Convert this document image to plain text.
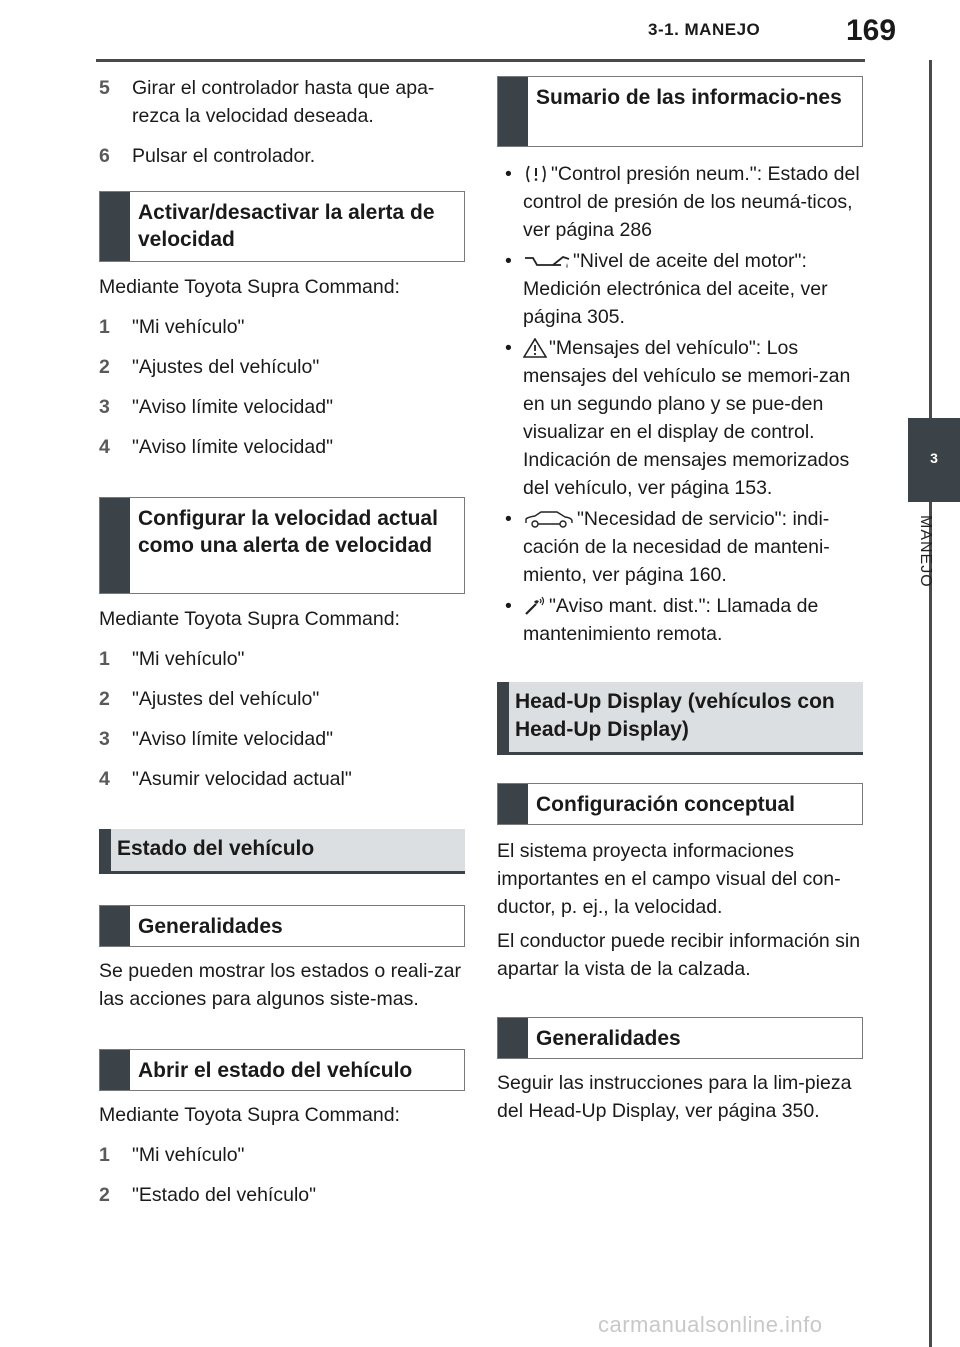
3-1. MANEJO	169
3
MANEJO
5	Girar el controlador hasta que apa-rezca la velocidad deseada.
6	Pulsar el controlador.
Activar/desactivar la alerta de velocidad

Mediante Toyota Supra Command:

1	"Mi vehículo"
2	"Ajustes del vehículo"
3	"Aviso límite velocidad"
4	"Aviso límite velocidad"
Configurar la velocidad actual como una alerta de velocidad

Mediante Toyota Supra Command:

1	"Mi vehículo"
2	"Ajustes del vehículo"
3	"Aviso límite velocidad"
4	"Asumir velocidad actual"
Estado del vehículo
Generalidades

Se pueden mostrar los estados o reali-zar las acciones para algunos siste-mas.

Abrir el estado del vehículo

Mediante Toyota Supra Command:

1	"Mi vehículo"
2	"Estado del vehículo"
Sumario de las informacio-nes
•	"Control presión neum.": Estado del control de presión de los neumá-ticos, ver página 286
•	"Nivel de aceite del motor": Medición electrónica del aceite, ver página 305.
•	"Mensajes del vehículo": Los mensajes del vehículo se memori-zan en un segundo plano y se pue-den visualizar en el display de control. Indicación de mensajes memorizados del vehículo, ver página 153.
•	"Necesidad de servicio": indi-cación de la necesidad de manteni-miento, ver página 160.
•	"Aviso mant. dist.": Llamada de mantenimiento remota.
Head-Up Display (vehículos con Head-Up Display)
Configuración conceptual

El sistema proyecta informaciones importantes en el campo visual del con-ductor, p. ej., la velocidad.

El conductor puede recibir información sin apartar la vista de la calzada.

Generalidades

Seguir las instrucciones para la lim-pieza del Head-Up Display, ver página 350.

carmanualsonline.info
